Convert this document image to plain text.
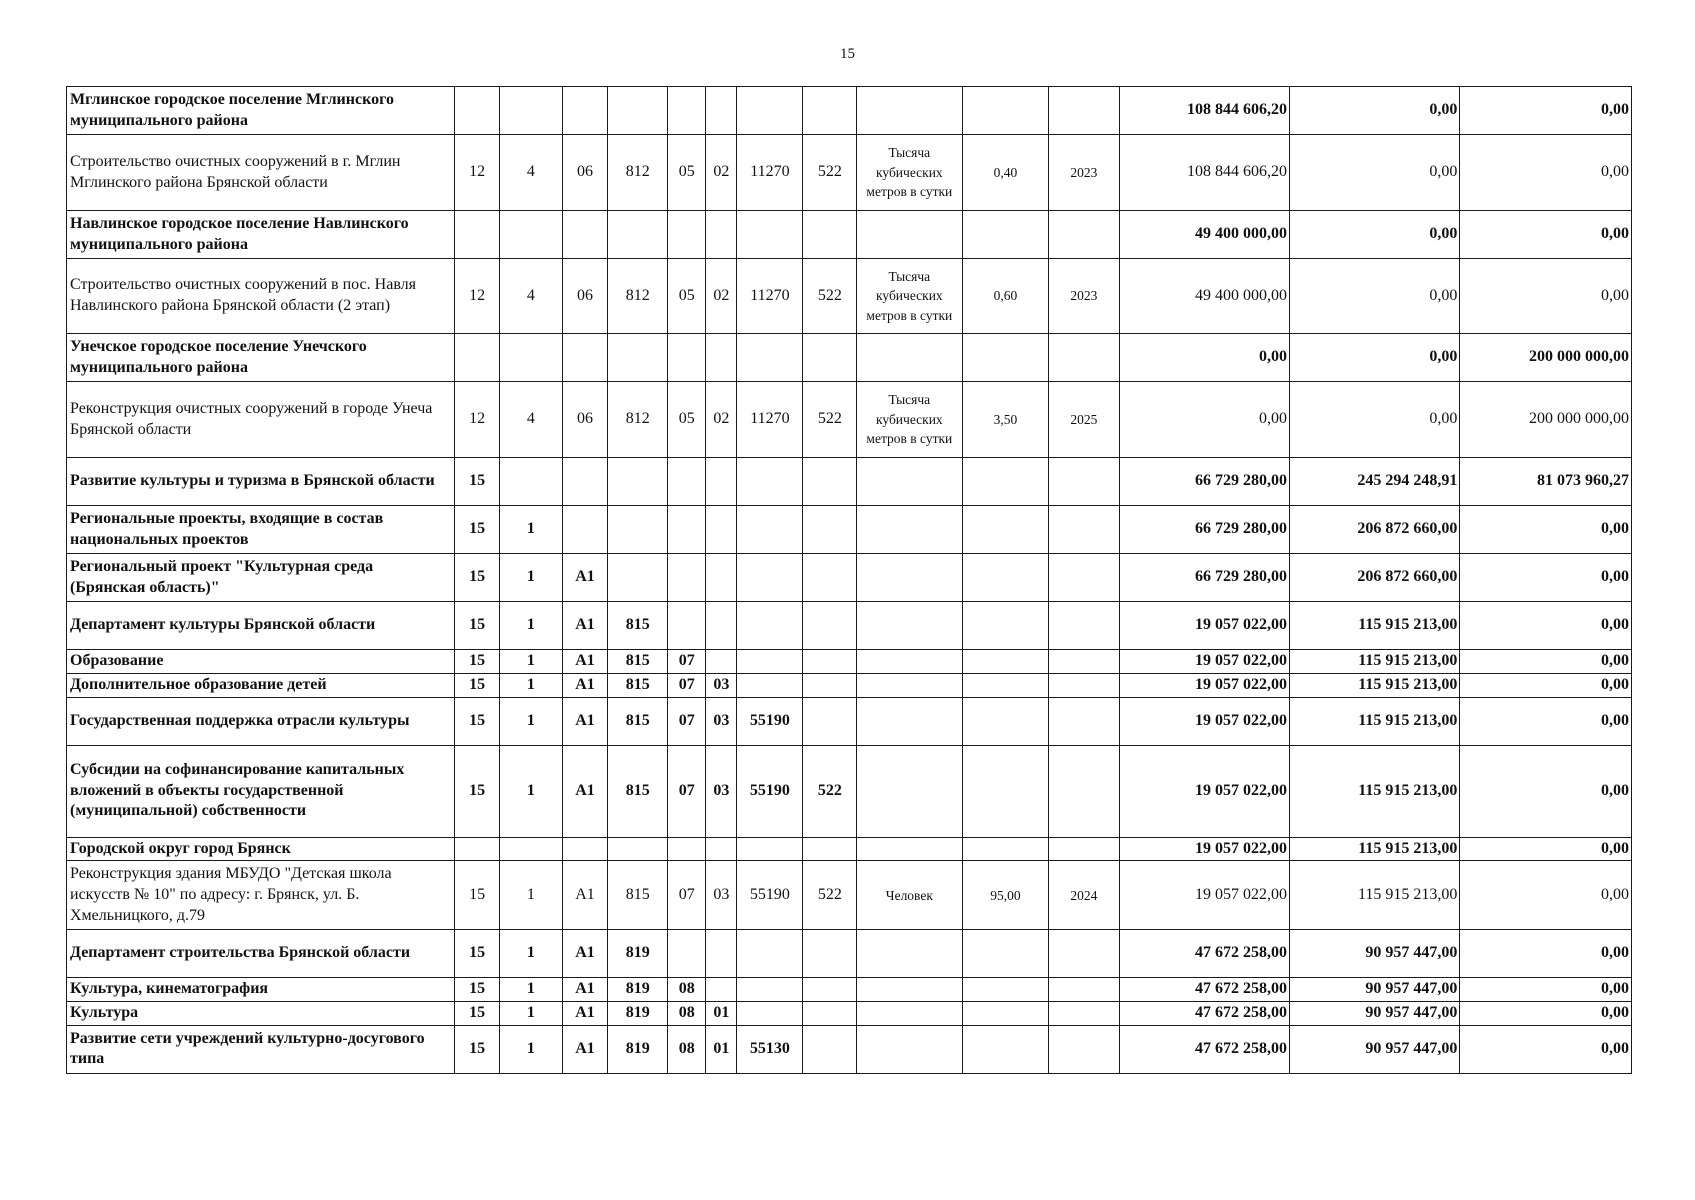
15
Мглинское городское поселение Мглинского муниципального района												108 844 606,20	0,00	0,00
Строительство очистных сооружений в г. Мглин Мглинского района Брянской области	12	4	06	812	05	02	11270	522	Тысяча кубических метров в сутки	0,40	2023	108 844 606,20	0,00	0,00
Навлинское городское поселение Навлинского муниципального района												49 400 000,00	0,00	0,00
Строительство очистных сооружений в пос. Навля Навлинского района Брянской области (2 этап)	12	4	06	812	05	02	11270	522	Тысяча кубических метров в сутки	0,60	2023	49 400 000,00	0,00	0,00
Унечское городское поселение Унечского муниципального района												0,00	0,00	200 000 000,00
Реконструкция очистных сооружений в городе Унеча Брянской области	12	4	06	812	05	02	11270	522	Тысяча кубических метров в сутки	3,50	2025	0,00	0,00	200 000 000,00
Развитие культуры и туризма в Брянской области	15											66 729 280,00	245 294 248,91	81 073 960,27
Региональные проекты, входящие в состав национальных проектов	15	1										66 729 280,00	206 872 660,00	0,00
Региональный проект "Культурная среда (Брянская область)"	15	1	А1									66 729 280,00	206 872 660,00	0,00
Департамент культуры Брянской области	15	1	А1	815								19 057 022,00	115 915 213,00	0,00
Образование	15	1	А1	815	07							19 057 022,00	115 915 213,00	0,00
Дополнительное образование детей	15	1	А1	815	07	03						19 057 022,00	115 915 213,00	0,00
Государственная поддержка отрасли культуры	15	1	А1	815	07	03	55190					19 057 022,00	115 915 213,00	0,00
Субсидии на софинансирование капитальных вложений в объекты государственной (муниципальной) собственности	15	1	А1	815	07	03	55190	522				19 057 022,00	115 915 213,00	0,00
Городской округ город Брянск												19 057 022,00	115 915 213,00	0,00
Реконструкция здания МБУДО "Детская школа искусств № 10" по адресу: г. Брянск, ул. Б. Хмельницкого, д.79	15	1	А1	815	07	03	55190	522	Человек	95,00	2024	19 057 022,00	115 915 213,00	0,00
Департамент строительства Брянской области	15	1	А1	819								47 672 258,00	90 957 447,00	0,00
Культура, кинематография	15	1	А1	819	08							47 672 258,00	90 957 447,00	0,00
Культура	15	1	А1	819	08	01						47 672 258,00	90 957 447,00	0,00
Развитие сети учреждений культурно-досугового типа	15	1	А1	819	08	01	55130					47 672 258,00	90 957 447,00	0,00
